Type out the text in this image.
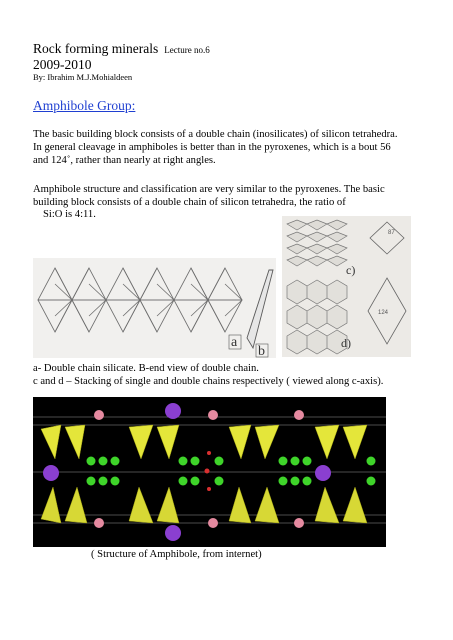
Rock forming minerals Lecture no.6
2009-2010
By: Ibrahim M.J.Mohialdeen
Amphibole Group:
The basic building block consists of a double chain (inosilicates) of silicon tetrahedra.
In general cleavage in amphiboles is better than in the pyroxenes, which is a bout 56
and 124˚, rather than nearly at right angles.
Amphibole structure and classification are very similar to the pyroxenes. The basic
building block consists of a double chain of silicon tetrahedra, the ratio of
Si:O is 4:11.
a
b
87
124
c)
d)
a- Double chain silicate. B-end view of double chain.
c and d – Stacking of single and double chains respectively ( viewed along c-axis).
( Structure of Amphibole, from internet)
